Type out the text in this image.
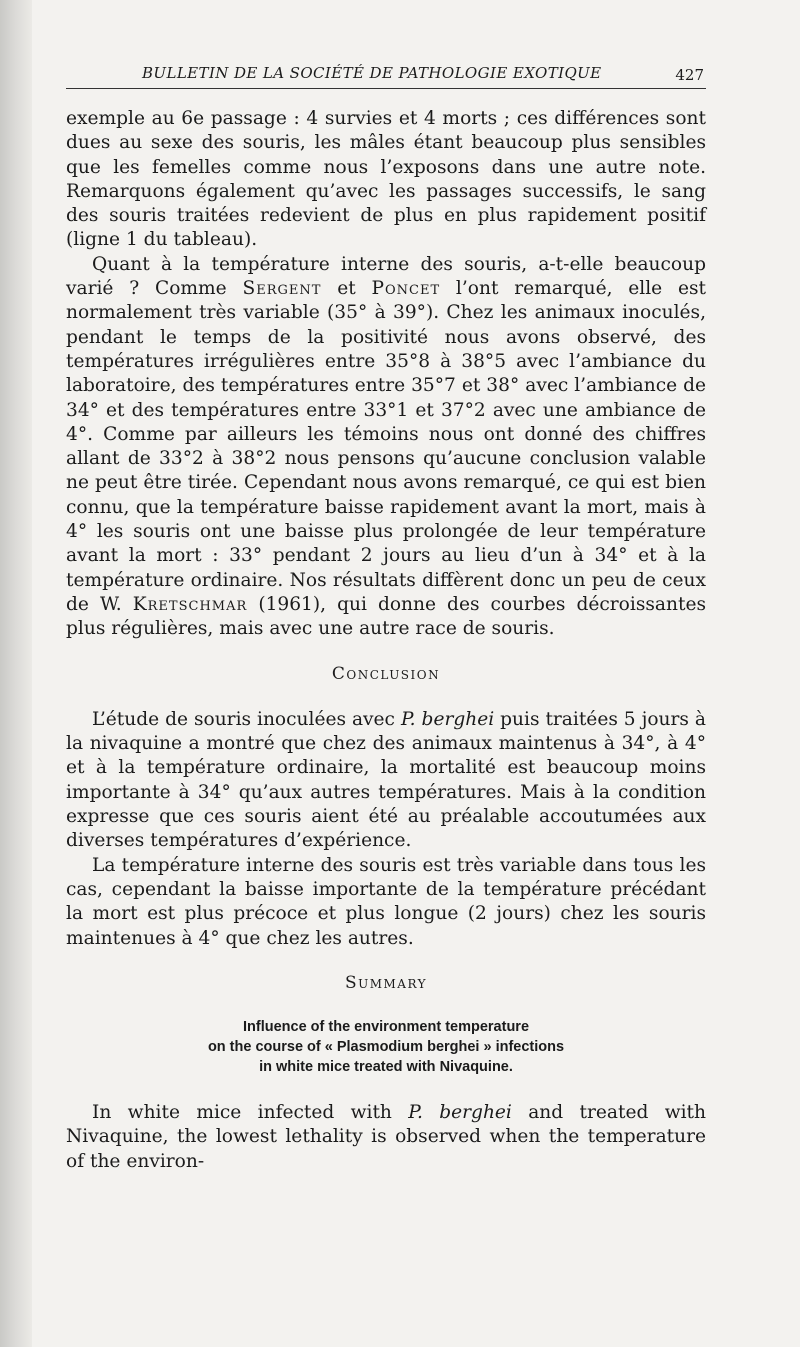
BULLETIN DE LA SOCIÉTÉ DE PATHOLOGIE EXOTIQUE	427

exemple au 6e passage : 4 survies et 4 morts ; ces différences sont dues au sexe des souris, les mâles étant beaucoup plus sensibles que les femelles comme nous l’exposons dans une autre note. Remarquons également qu’avec les passages successifs, le sang des souris traitées redevient de plus en plus rapidement positif (ligne 1 du tableau).

Quant à la température interne des souris, a-t-elle beaucoup varié ? Comme Sergent et Poncet l’ont remarqué, elle est normalement très variable (35° à 39°). Chez les animaux inoculés, pendant le temps de la positivité nous avons observé, des températures irrégulières entre 35°8 à 38°5 avec l’ambiance du laboratoire, des températures entre 35°7 et 38° avec l’ambiance de 34° et des températures entre 33°1 et 37°2 avec une ambiance de 4°. Comme par ailleurs les témoins nous ont donné des chiffres allant de 33°2 à 38°2 nous pensons qu’aucune conclusion valable ne peut être tirée. Cependant nous avons remarqué, ce qui est bien connu, que la température baisse rapidement avant la mort, mais à 4° les souris ont une baisse plus prolongée de leur température avant la mort : 33° pendant 2 jours au lieu d’un à 34° et à la température ordinaire. Nos résultats diffèrent donc un peu de ceux de W. Kretschmar (1961), qui donne des courbes décroissantes plus régulières, mais avec une autre race de souris.

Conclusion

L’étude de souris inoculées avec P. berghei puis traitées 5 jours à la nivaquine a montré que chez des animaux maintenus à 34°, à 4° et à la température ordinaire, la mortalité est beaucoup moins importante à 34° qu’aux autres températures. Mais à la condition expresse que ces souris aient été au préalable accoutumées aux diverses températures d’expérience.

La température interne des souris est très variable dans tous les cas, cependant la baisse importante de la température précédant la mort est plus précoce et plus longue (2 jours) chez les souris maintenues à 4° que chez les autres.

Summary
Influence of the environment temperature
on the course of « Plasmodium berghei » infections
in white mice treated with Nivaquine.

In white mice infected with P. berghei and treated with Nivaquine, the lowest lethality is observed when the temperature of the environ-
